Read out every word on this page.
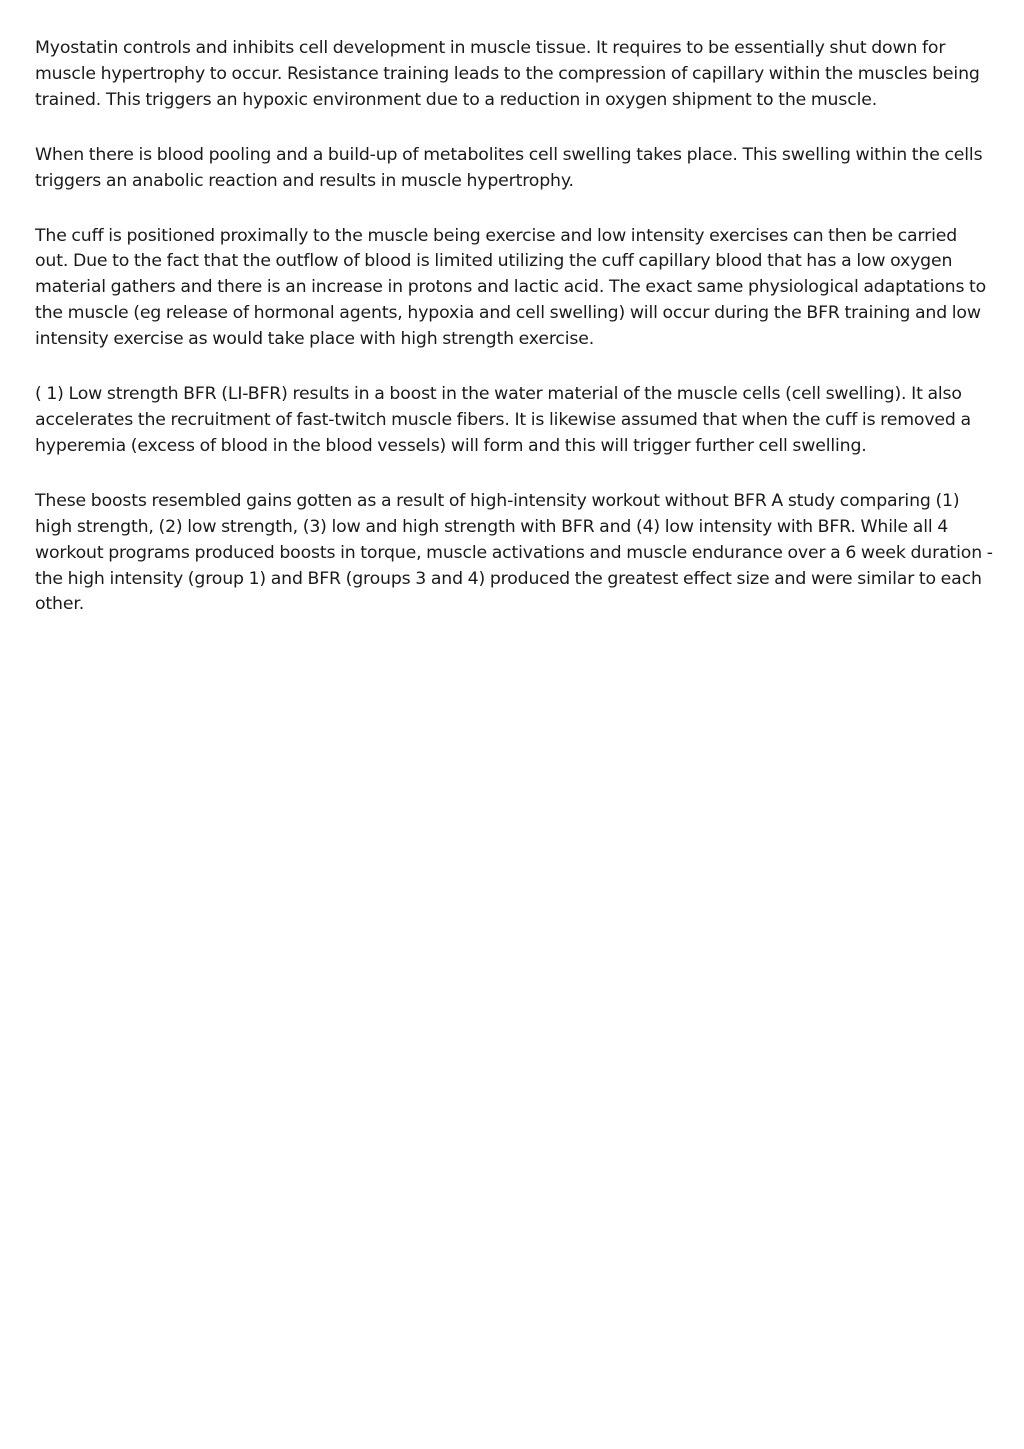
Myostatin controls and inhibits cell development in muscle tissue. It requires to be essentially shut down for muscle hypertrophy to occur. Resistance training leads to the compression of capillary within the muscles being trained. This triggers an hypoxic environment due to a reduction in oxygen shipment to the muscle.

When there is blood pooling and a build-up of metabolites cell swelling takes place. This swelling within the cells triggers an anabolic reaction and results in muscle hypertrophy.

The cuff is positioned proximally to the muscle being exercise and low intensity exercises can then be carried out. Due to the fact that the outflow of blood is limited utilizing the cuff capillary blood that has a low oxygen material gathers and there is an increase in protons and lactic acid. The exact same physiological adaptations to the muscle (eg release of hormonal agents, hypoxia and cell swelling) will occur during the BFR training and low intensity exercise as would take place with high strength exercise.

( 1) Low strength BFR (LI-BFR) results in a boost in the water material of the muscle cells (cell swelling). It also accelerates the recruitment of fast-twitch muscle fibers. It is likewise assumed that when the cuff is removed a hyperemia (excess of blood in the blood vessels) will form and this will trigger further cell swelling.

These boosts resembled gains gotten as a result of high-intensity workout without BFR A study comparing (1) high strength, (2) low strength, (3) low and high strength with BFR and (4) low intensity with BFR. While all 4 workout programs produced boosts in torque, muscle activations and muscle endurance over a 6 week duration - the high intensity (group 1) and BFR (groups 3 and 4) produced the greatest effect size and were similar to each other.
